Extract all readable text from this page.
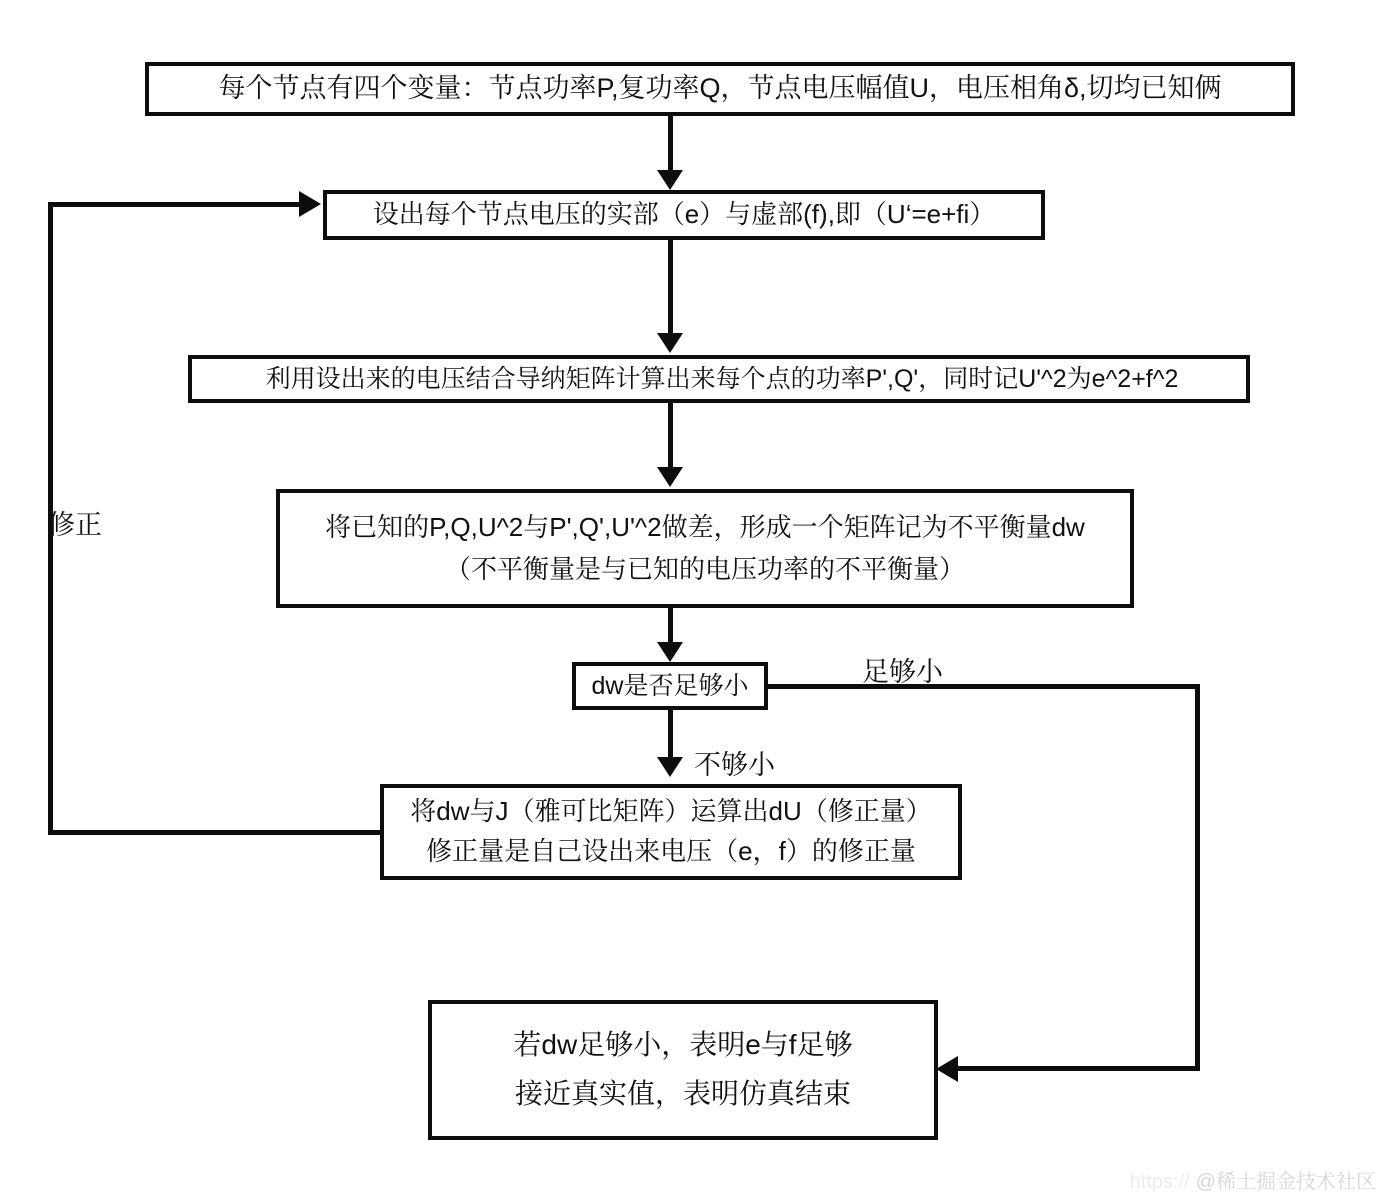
每个节点有四个变量：节点功率P,复功率Q，节点电压幅值U，电压相角δ,切均已知俩
设出每个节点电压的实部（e）与虚部(f),即（U‘=e+fi）
利用设出来的电压结合导纳矩阵计算出来每个点的功率P',Q'，同时记U'^2为e^2+f^2
将已知的P,Q,U^2与P',Q',U'^2做差，形成一个矩阵记为不平衡量dw
（不平衡量是与已知的电压功率的不平衡量）
dw是否足够小	足够小
不够小
将dw与J（雅可比矩阵）运算出dU（修正量）
修正量是自己设出来电压（e，f）的修正量
修正
若dw足够小，表明e与f足够
接近真实值，表明仿真结束
https:// @稀土掘金技术社区
